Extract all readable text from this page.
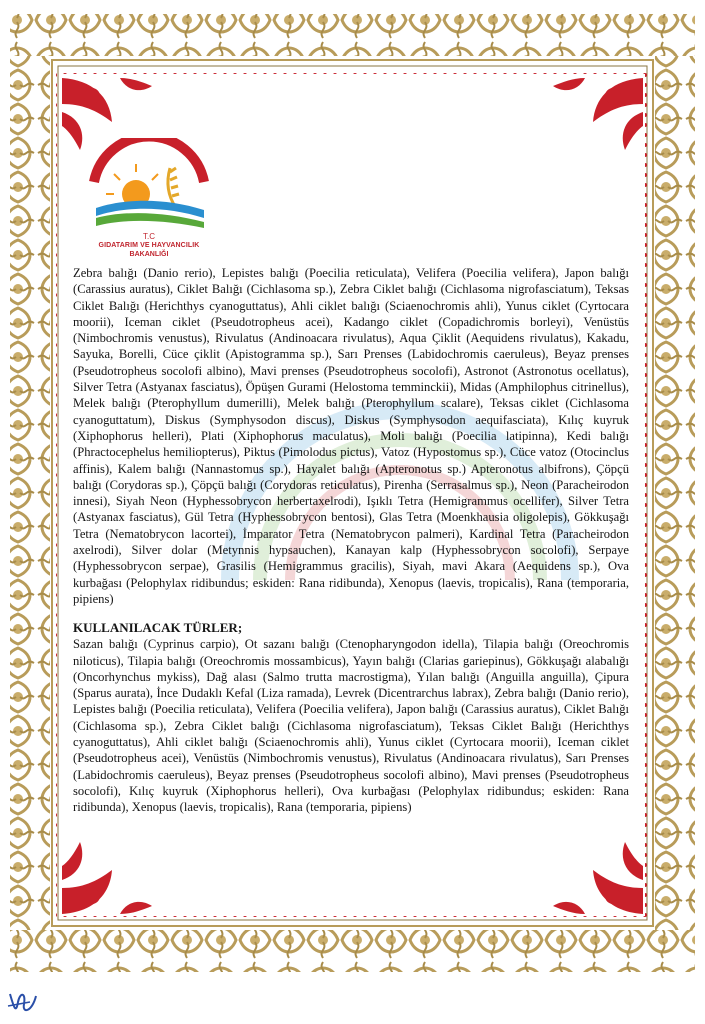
T.C
GIDATARIM VE HAYVANCILIK
BAKANLIĞI

Zebra balığı (Danio rerio), Lepistes balığı (Poecilia reticulata), Velifera (Poecilia velifera), Japon balığı (Carassius auratus), Ciklet Balığı (Cichlasoma sp.), Zebra Ciklet balığı (Cichlasoma nigrofasciatum), Teksas Ciklet Balığı (Herichthys cyanoguttatus), Ahli ciklet balığı (Sciaenochromis ahli), Yunus ciklet (Cyrtocara moorii), Iceman ciklet (Pseudotropheus acei), Kadango ciklet (Copadichromis borleyi), Venüstüs (Nimbochromis venustus), Rivulatus (Andinoacara rivulatus), Aqua Çiklit (Aequidens rivulatus), Kakadu, Sayuka, Borelli, Cüce çiklit (Apistogramma sp.), Sarı Prenses (Labidochromis caeruleus), Beyaz prenses (Pseudotropheus socolofi albino), Mavi prenses (Pseudotropheus socolofi), Astronot (Astronotus ocellatus), Silver Tetra (Astyanax fasciatus), Öpüşen Gurami (Helostoma temminckii), Midas (Amphilophus citrinellus), Melek balığı (Pterophyllum dumerilli), Melek balığı (Pterophyllum scalare), Teksas ciklet (Cichlasoma cyanoguttatum), Diskus (Symphysodon discus), Diskus (Symphysodon aequifasciata), Kılıç kuyruk (Xiphophorus helleri), Plati (Xiphophorus maculatus), Moli balığı (Poecilia latipinna), Kedi balığı (Phractocephelus hemiliopterus), Piktus (Pimolodus pictus), Vatoz (Hypostomus sp.), Cüce vatoz (Otocinclus affinis), Kalem balığı (Nannastomus sp.), Hayalet balığı (Apteronotus sp.) Apteronotus albifrons), Çöpçü balığı (Corydoras sp.), Çöpçü balığı (Corydoras reticulatus), Pirenha (Serrasalmus sp.), Neon (Paracheirodon innesi), Siyah Neon (Hyphessobrycon herbertaxelrodi), Işıklı Tetra (Hemigrammus ocellifer), Silver Tetra (Astyanax fasciatus), Gül Tetra (Hyphessobrycon bentosi), Glas Tetra (Moenkhausia oligolepis), Gökkuşağı Tetra (Nematobrycon lacortei), İmparator Tetra (Nematobrycon palmeri), Kardinal Tetra (Paracheirodon axelrodi), Silver dolar (Metynnis hypsauchen), Kanayan kalp (Hyphessobrycon socolofi), Serpaye (Hyphessobrycon serpae), Grasilis (Hemigrammus gracilis), Siyah, mavi Akara (Aequidens sp.), Ova kurbağası (Pelophylax ridibundus; eskiden: Rana ridibunda), Xenopus (laevis, tropicalis), Rana (temporaria, pipiens)

KULLANILACAK TÜRLER;

Sazan balığı (Cyprinus carpio), Ot sazanı balığı (Ctenopharyngodon idella), Tilapia balığı (Oreochromis niloticus), Tilapia balığı (Oreochromis mossambicus), Yayın balığı (Clarias gariepinus), Gökkuşağı alabalığı (Oncorhynchus mykiss), Dağ alası (Salmo trutta macrostigma), Yılan balığı (Anguilla anguilla), Çipura (Sparus aurata), İnce Dudaklı Kefal (Liza ramada), Levrek (Dicentrarchus labrax), Zebra balığı (Danio rerio), Lepistes balığı (Poecilia reticulata), Velifera (Poecilia velifera), Japon balığı (Carassius auratus), Ciklet Balığı (Cichlasoma sp.), Zebra Ciklet balığı (Cichlasoma nigrofasciatum), Teksas Ciklet Balığı (Herichthys cyanoguttatus), Ahli ciklet balığı (Sciaenochromis ahli), Yunus ciklet (Cyrtocara moorii), Iceman ciklet (Pseudotropheus acei), Venüstüs (Nimbochromis venustus), Rivulatus (Andinoacara rivulatus), Sarı Prenses (Labidochromis caeruleus), Beyaz prenses (Pseudotropheus socolofi albino), Mavi prenses (Pseudotropheus socolofi), Kılıç kuyruk (Xiphophorus helleri), Ova kurbağası (Pelophylax ridibundus; eskiden: Rana ridibunda), Xenopus (laevis, tropicalis), Rana (temporaria, pipiens)
